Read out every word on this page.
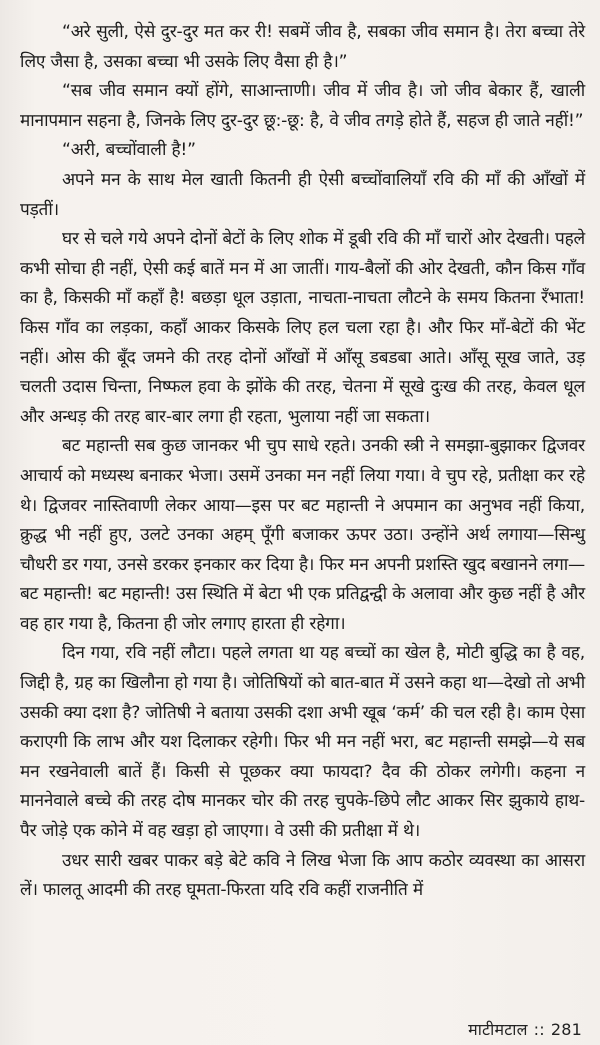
“अरे सुली, ऐसे दुर-दुर मत कर री! सबमें जीव है, सबका जीव समान है। तेरा बच्चा तेरे लिए जैसा है, उसका बच्चा भी उसके लिए वैसा ही है।”

“सब जीव समान क्यों होंगे, साआन्ताणी। जीव में जीव है। जो जीव बेकार हैं, खाली मानापमान सहना है, जिनके लिए दुर-दुर छू:-छू: है, वे जीव तगड़े होते हैं, सहज ही जाते नहीं!”

“अरी, बच्चोंवाली है!”

अपने मन के साथ मेल खाती कितनी ही ऐसी बच्चोंवालियाँ रवि की माँ की आँखों में पड़तीं।

घर से चले गये अपने दोनों बेटों के लिए शोक में डूबी रवि की माँ चारों ओर देखती। पहले कभी सोचा ही नहीं, ऐसी कई बातें मन में आ जातीं। गाय-बैलों की ओर देखती, कौन किस गाँव का है, किसकी माँ कहाँ है! बछड़ा धूल उड़ाता, नाचता-नाचता लौटने के समय कितना रँभाता! किस गाँव का लड़का, कहाँ आकर किसके लिए हल चला रहा है। और फिर माँ-बेटों की भेंट नहीं। ओस की बूँद जमने की तरह दोनों आँखों में आँसू डबडबा आते। आँसू सूख जाते, उड़ चलती उदास चिन्ता, निष्फल हवा के झोंके की तरह, चेतना में सूखे दुःख की तरह, केवल धूल और अन्धड़ की तरह बार-बार लगा ही रहता, भुलाया नहीं जा सकता।

बट महान्ती सब कुछ जानकर भी चुप साधे रहते। उनकी स्त्री ने समझा-बुझाकर द्विजवर आचार्य को मध्यस्थ बनाकर भेजा। उसमें उनका मन नहीं लिया गया। वे चुप रहे, प्रतीक्षा कर रहे थे। द्विजवर नास्तिवाणी लेकर आया—इस पर बट महान्ती ने अपमान का अनुभव नहीं किया, क्रुद्ध भी नहीं हुए, उलटे उनका अहम् पूँगी बजाकर ऊपर उठा। उन्होंने अर्थ लगाया—सिन्धु चौधरी डर गया, उनसे डरकर इनकार कर दिया है। फिर मन अपनी प्रशस्ति खुद बखानने लगा—बट महान्ती! बट महान्ती! उस स्थिति में बेटा भी एक प्रतिद्वन्द्वी के अलावा और कुछ नहीं है और वह हार गया है, कितना ही जोर लगाए हारता ही रहेगा।

दिन गया, रवि नहीं लौटा। पहले लगता था यह बच्चों का खेल है, मोटी बुद्धि का है वह, जिद्दी है, ग्रह का खिलौना हो गया है। जोतिषियों को बात-बात में उसने कहा था—देखो तो अभी उसकी क्या दशा है? जोतिषी ने बताया उसकी दशा अभी खूब ‘कर्म’ की चल रही है। काम ऐसा कराएगी कि लाभ और यश दिलाकर रहेगी। फिर भी मन नहीं भरा, बट महान्ती समझे—ये सब मन रखनेवाली बातें हैं। किसी से पूछकर क्या फायदा? दैव की ठोकर लगेगी। कहना न माननेवाले बच्चे की तरह दोष मानकर चोर की तरह चुपके-छिपे लौट आकर सिर झुकाये हाथ-पैर जोड़े एक कोने में वह खड़ा हो जाएगा। वे उसी की प्रतीक्षा में थे।

उधर सारी खबर पाकर बड़े बेटे कवि ने लिख भेजा कि आप कठोर व्यवस्था का आसरा लें। फालतू आदमी की तरह घूमता-फिरता यदि रवि कहीं राजनीति में

माटीमटाल :: 281
